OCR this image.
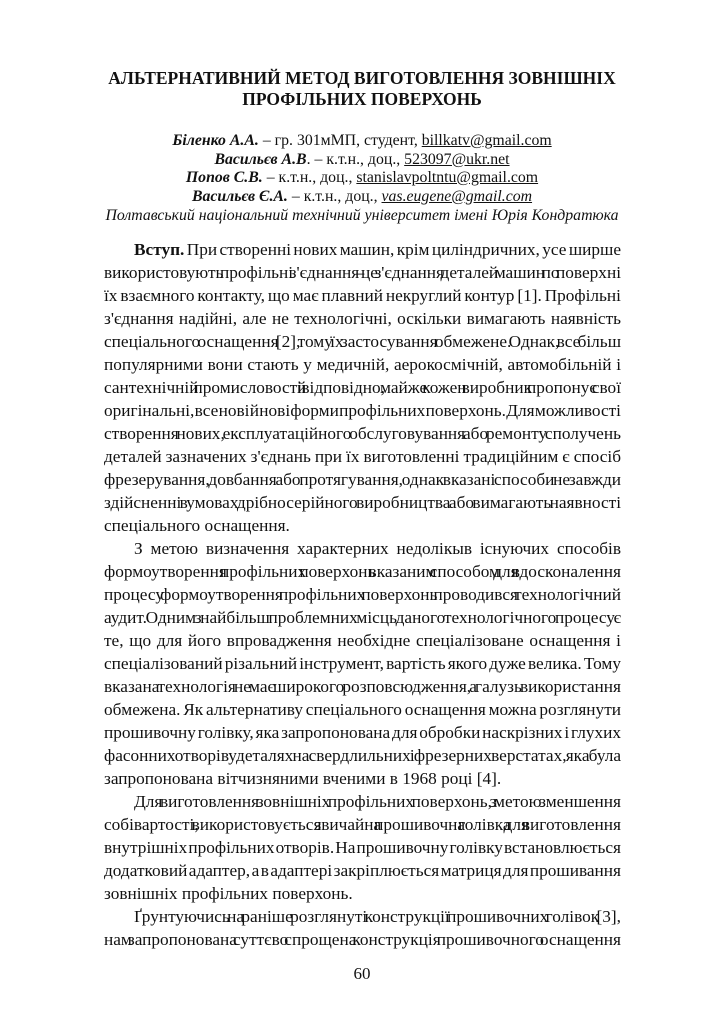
АЛЬТЕРНАТИВНИЙ МЕТОД ВИГОТОВЛЕННЯ ЗОВНІШНІХ
ПРОФІЛЬНИХ ПОВЕРХОНЬ
Біленко А.А. – гр. 301мМП, студент, billkatv@gmail.com
Васильєв А.В. – к.т.н., доц., 523097@ukr.net
Попов С.В. – к.т.н., доц., stanislavpoltntu@gmail.com
Васильєв Є.А. – к.т.н., доц., vas.eugene@gmail.com
Полтавський національний технічний університет імені Юрія Кондратюка
Вступ. При створенні нових машин, крім циліндричних, усе ширше
використовують профільні з'єднання – це з'єднання деталей машин по поверхні
їх взаємного контакту, що має плавний некруглий контур [1]. Профільні
з'єднання надійні, але не технологічні, оскільки вимагають наявність
спеціального оснащення [2], тому їх застосування обмежене. Однак, все більш
популярними вони стають у медичній, аерокосмічній, автомобільній і
сантехнічній промисловості й відповідно, майже кожен виробник пропонує свої
оригінальні, все нові й нові форми профільних поверхонь. Для можливості
створення нових, експлуатаційного обслуговування або ремонту сполучень
деталей зазначених з'єднань при їх виготовленні традиційним є спосіб
фрезерування, довбання або протягування, однак вказані способи не завжди
здійсненні в умовах дрібносерійного виробництва або вимагають наявності
спеціального оснащення.
З метою визначення характерних недолікыв існуючих способів
формоутворення профільних поверхонь вказаним способом для вдосконалення
процесу формоутворення профільних поверхонь проводився технологічний
аудит. Одним з найбільш проблемних місць даного технологічного процесу є
те, що для його впровадження необхідне спеціалізоване оснащення і
спеціалізований різальний інструмент, вартість якого дуже велика. Тому
вказана технологія не має широкого розповсюдження, а галузь використання
обмежена. Як альтернативу спеціального оснащення можна розглянути
прошивочну голівку, яка запропонована для обробки наскрізних і глухих
фасонних отворів у деталях на свердлильних і фрезерних верстатах, яка була
запропонована вітчизняними вченими в 1968 році [4].
Для виготовлення зовнішніх профільних поверхонь, з метою зменшення
собівартості, використовується звичайна прошивочна голівка для виготовлення
внутрішніх профільних отворів. На прошивочну голівку встановлюється
додатковий адаптер, а в адаптері закріплюється матриця для прошивання
зовнішніх профільних поверхонь.
Ґрунтуючись на раніше розглянуті конструкції прошивочних голівок [3],
нам запропонована суттєво спрощена конструкція прошивочного оснащення
60
